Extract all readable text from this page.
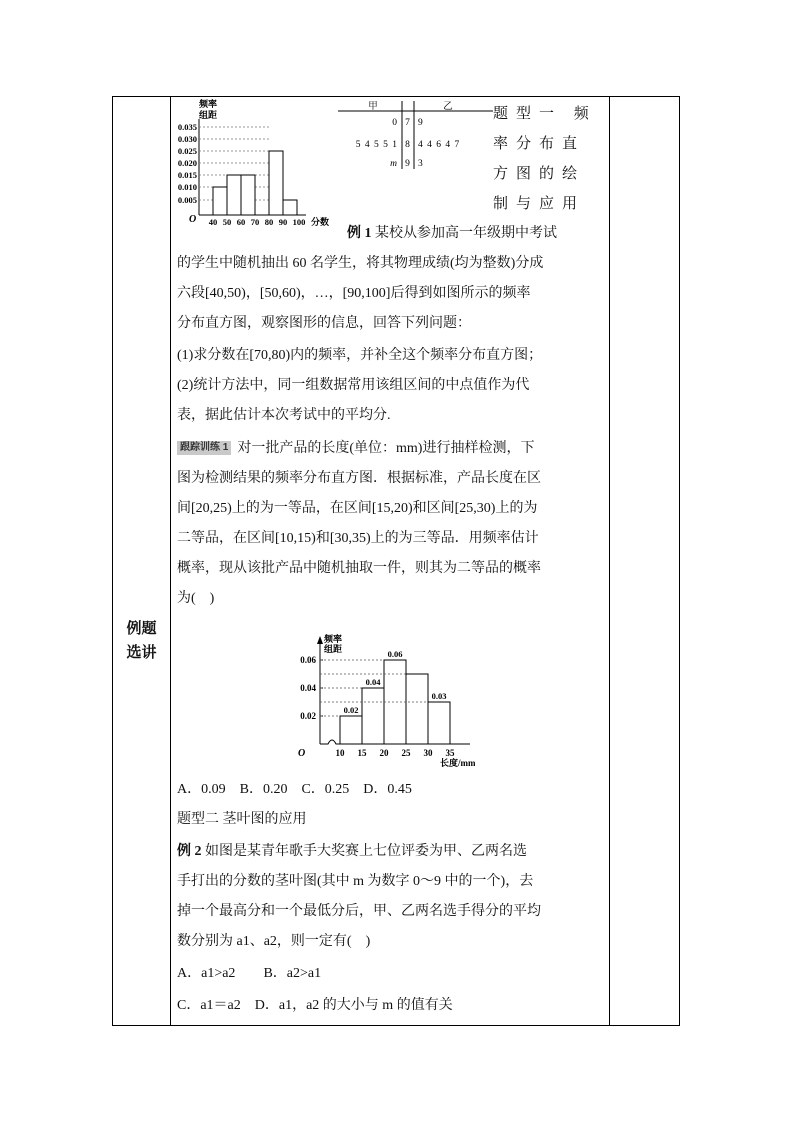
例题
选讲
频率
组距
0.035
0.030
0.025
0.020
0.015
0.010
0.005
O 40 50 60 70 80 90 100 分数
甲	乙
0 7 9
5 4 5 5 1 8 4 4 6 4 7
m 9 3
题型一 频率分布直方图的绘制与应用
例 1 某校从参加高一年级期中考试
的学生中随机抽出 60 名学生，将其物理成绩(均为整数)分成
六段[40,50)，[50,60)，…，[90,100]后得到如图所示的频率
分布直方图，观察图形的信息，回答下列问题：
(1)求分数在[70,80)内的频率，并补全这个频率分布直方图；
(2)统计方法中，同一组数据常用该组区间的中点值作为代
表，据此估计本次考试中的平均分.
跟踪训练 1 对一批产品的长度(单位：mm)进行抽样检测，下
图为检测结果的频率分布直方图．根据标准，产品长度在区
间[20,25)上的为一等品，在区间[15,20)和区间[25,30)上的为
二等品，在区间[10,15)和[30,35)上的为三等品．用频率估计
概率，现从该批产品中随机抽取一件，则其为二等品的概率
为(　)
频率
组距
O
0.06
0.04
0.02
0.02
0.04
0.06
0.03
10 15 20 25 30 35
长度/mm
A．0.09　B．0.20　C．0.25　D．0.45
题型二 茎叶图的应用
例 2 如图是某青年歌手大奖赛上七位评委为甲、乙两名选
手打出的分数的茎叶图(其中 m 为数字 0～9 中的一个)，去
掉一个最高分和一个最低分后，甲、乙两名选手得分的平均
数分别为 a1、a2，则一定有(　)
A．a1>a2　　 B．a2>a1
C．a1＝a2　 D．a1，a2 的大小与 m 的值有关
